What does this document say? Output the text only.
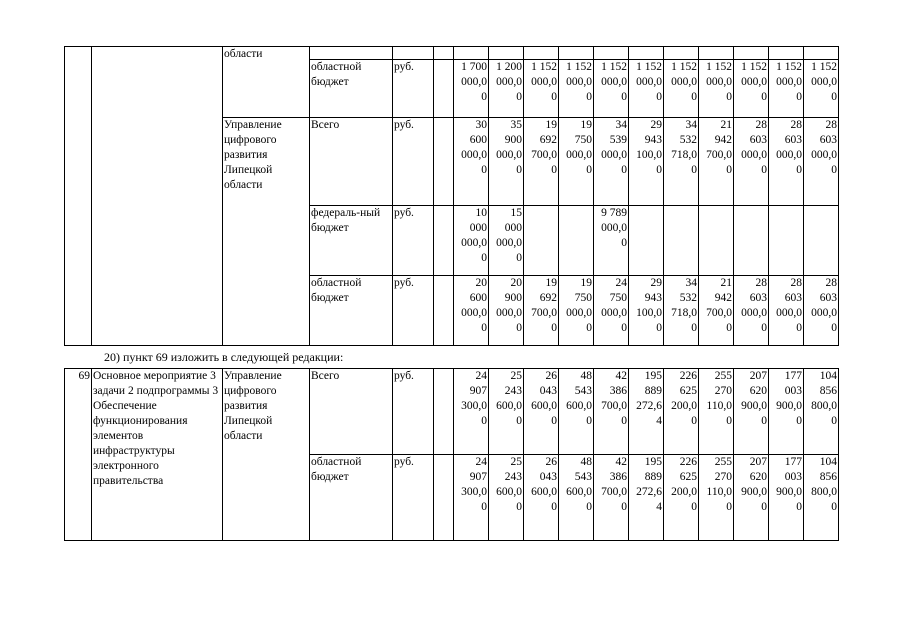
		области														
			областной бюджет	руб.		1 700
000,0
0	1 200
000,0
0	1 152
000,0
0	1 152
000,0
0	1 152
000,0
0	1 152
000,0
0	1 152
000,0
0	1 152
000,0
0	1 152
000,0
0	1 152
000,0
0	1 152
000,0
0

		Управление цифрового развития Липецкой области	Всего	руб.		30
600
000,0
0	35
900
000,0
0	19
692
700,0
0	19
750
000,0
0	34
539
000,0
0	29
943
100,0
0	34
532
718,0
0	21
942
700,0
0	28
603
000,0
0	28
603
000,0
0	28
603
000,0
0

			федераль-ный бюджет	руб.		10
000
000,0
0	15
000
000,0
0			9 789
000,0
0						

			областной бюджет	руб.		20
600
000,0
0	20
900
000,0
0	19
692
700,0
0	19
750
000,0
0	24
750
000,0
0	29
943
100,0
0	34
532
718,0
0	21
942
700,0
0	28
603
000,0
0	28
603
000,0
0	28
603
000,0
0
20) пункт 69 изложить в следующей редакции:
69	Основное мероприятие 3 задачи 2 подпрограммы 3 Обеспечение функционирования элементов инфраструктуры электронного правительства	Управление цифрового развития Липецкой области	Всего	руб.		24
907
300,0
0	25
243
600,0
0	26
043
600,0
0	48
543
600,0
0	42
386
700,0
0	195
889
272,6
4	226
625
200,0
0	255
270
110,0
0	207
620
900,0
0	177
003
900,0
0	104
856
800,0
0

			областной бюджет	руб.		24
907
300,0
0	25
243
600,0
0	26
043
600,0
0	48
543
600,0
0	42
386
700,0
0	195
889
272,6
4	226
625
200,0
0	255
270
110,0
0	207
620
900,0
0	177
003
900,0
0	104
856
800,0
0
